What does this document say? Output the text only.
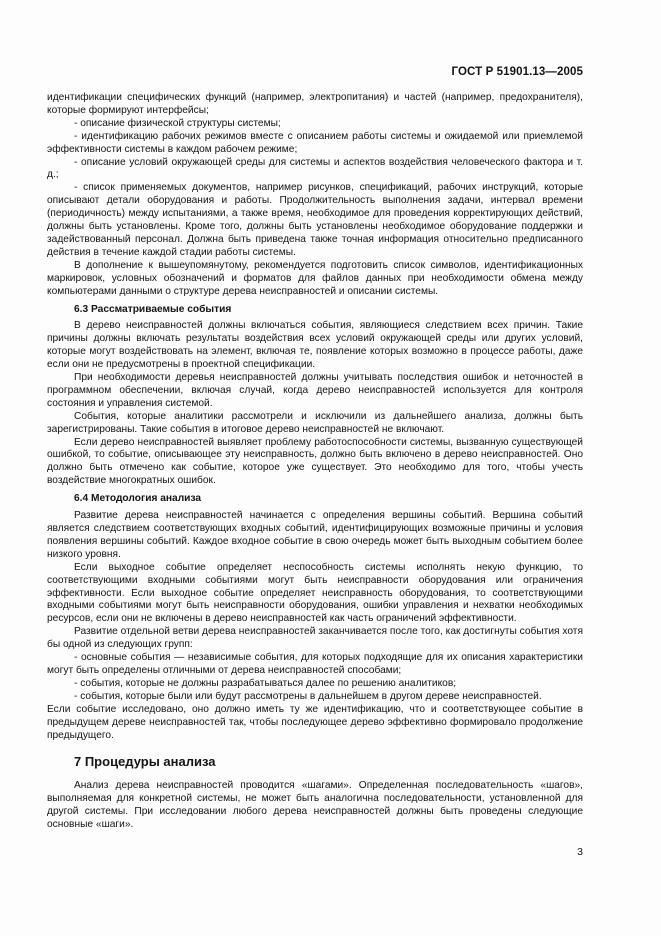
ГОСТ Р 51901.13—2005

идентификации специфических функций (например, электропитания) и частей (например, предохранителя), которые формируют интерфейсы;

- описание физической структуры системы;

- идентификацию рабочих режимов вместе с описанием работы системы и ожидаемой или приемлемой эффективности системы в каждом рабочем режиме;

- описание условий окружающей среды для системы и аспектов воздействия человеческого фактора и т. д.;

- список применяемых документов, например рисунков, спецификаций, рабочих инструкций, которые описывают детали оборудования и работы. Продолжительность выполнения задачи, интервал времени (периодичность) между испытаниями, а также время, необходимое для проведения корректирующих действий, должны быть установлены. Кроме того, должны быть установлены необходимое оборудование поддержки и задействованный персонал. Должна быть приведена также точная информация относительно предписанного действия в течение каждой стадии работы системы.

В дополнение к вышеупомянутому, рекомендуется подготовить список символов, идентификационных маркировок, условных обозначений и форматов для файлов данных при необходимости обмена между компьютерами данными о структуре дерева неисправностей и описании системы.

6.3 Рассматриваемые события

В дерево неисправностей должны включаться события, являющиеся следствием всех причин. Такие причины должны включать результаты воздействия всех условий окружающей среды или других условий, которые могут воздействовать на элемент, включая те, появление которых возможно в процессе работы, даже если они не предусмотрены в проектной спецификации.

При необходимости деревья неисправностей должны учитывать последствия ошибок и неточностей в программном обеспечении, включая случай, когда дерево неисправностей используется для контроля состояния и управления системой.

События, которые аналитики рассмотрели и исключили из дальнейшего анализа, должны быть зарегистрированы. Такие события в итоговое дерево неисправностей не включают.

Если дерево неисправностей выявляет проблему работоспособности системы, вызванную существующей ошибкой, то событие, описывающее эту неисправность, должно быть включено в дерево неисправностей. Оно должно быть отмечено как событие, которое уже существует. Это необходимо для того, чтобы учесть воздействие многократных ошибок.

6.4 Методология анализа

Развитие дерева неисправностей начинается с определения вершины событий. Вершина событий является следствием соответствующих входных событий, идентифицирующих возможные причины и условия появления вершины событий. Каждое входное событие в свою очередь может быть выходным событием более низкого уровня.

Если выходное событие определяет неспособность системы исполнять некую функцию, то соответствующими входными событиями могут быть неисправности оборудования или ограничения эффективности. Если выходное событие определяет неисправность оборудования, то соответствующими входными событиями могут быть неисправности оборудования, ошибки управления и нехватки необходимых ресурсов, если они не включены в дерево неисправностей как часть ограничений эффективности.

Развитие отдельной ветви дерева неисправностей заканчивается после того, как достигнуты события хотя бы одной из следующих групп:

- основные события — независимые события, для которых подходящие для их описания характеристики могут быть определены отличными от дерева неисправностей способами;

- события, которые не должны разрабатываться далее по решению аналитиков;

- события, которые были или будут рассмотрены в дальнейшем в другом дереве неисправностей.

Если событие исследовано, оно должно иметь ту же идентификацию, что и соответствующее событие в предыдущем дереве неисправностей так, чтобы последующее дерево эффективно формировало продолжение предыдущего.

7 Процедуры анализа

Анализ дерева неисправностей проводится «шагами». Определенная последовательность «шагов», выполняемая для конкретной системы, не может быть аналогична последовательности, установленной для другой системы. При исследовании любого дерева неисправностей должны быть проведены следующие основные «шаги».

3
